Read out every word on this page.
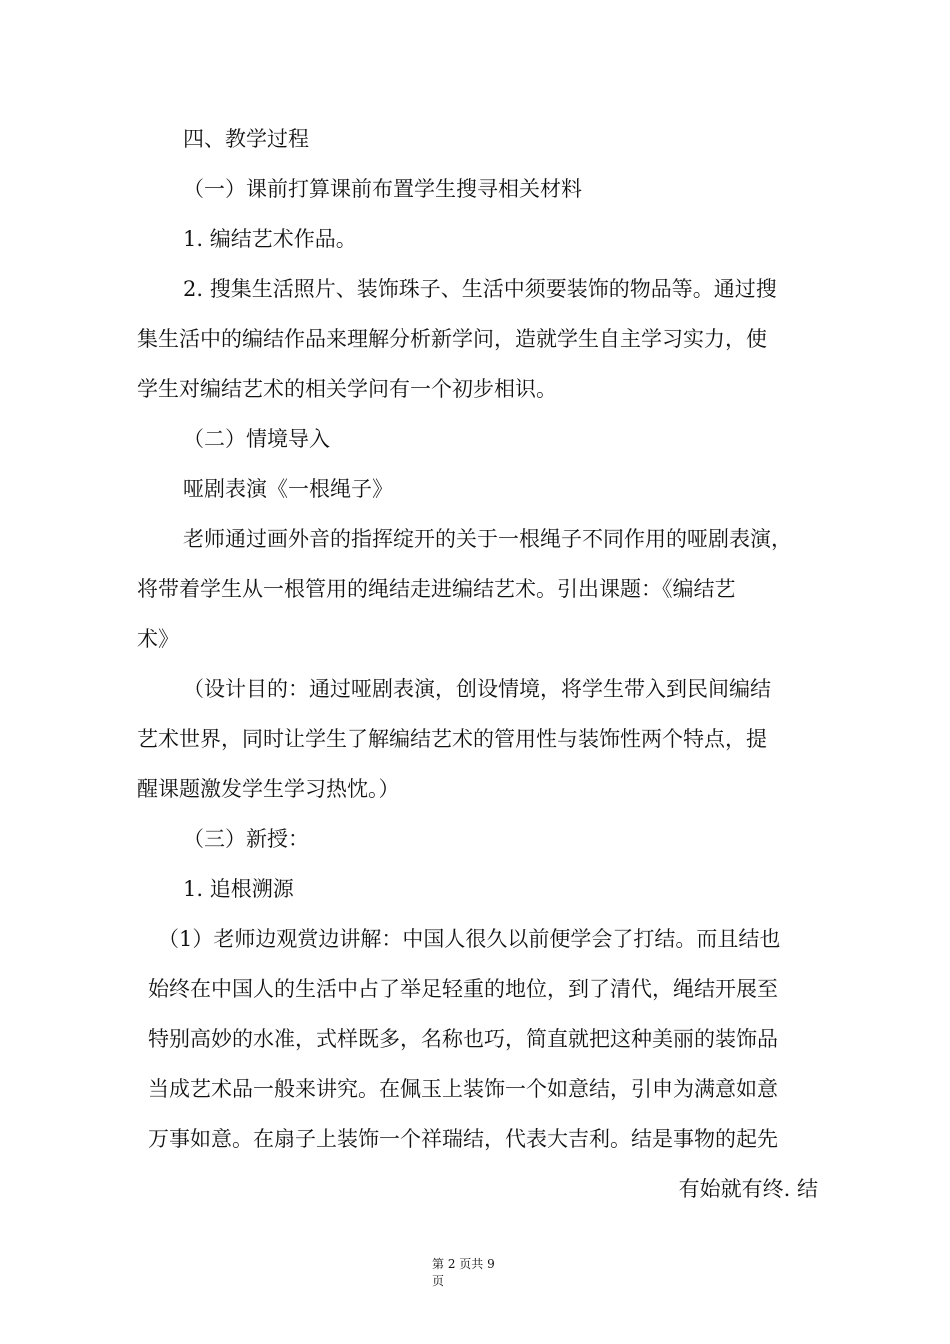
四、教学过程

（一）课前打算课前布置学生搜寻相关材料

1. 编结艺术作品。

2. 搜集生活照片、装饰珠子、生活中须要装饰的物品等。通过搜

集生活中的编结作品来理解分析新学问，造就学生自主学习实力，使

学生对编结艺术的相关学问有一个初步相识。

（二）情境导入

哑剧表演《一根绳子》

老师通过画外音的指挥绽开的关于一根绳子不同作用的哑剧表演，

将带着学生从一根管用的绳结走进编结艺术。引出课题：《编结艺

术》

（设计目的：通过哑剧表演，创设情境，将学生带入到民间编结

艺术世界，同时让学生了解编结艺术的管用性与装饰性两个特点，提

醒课题激发学生学习热忱。）

（三）新授：

1. 追根溯源

（1）老师边观赏边讲解：中国人很久以前便学会了打结。而且结也

始终在中国人的生活中占了举足轻重的地位，到了清代，绳结开展至

特别高妙的水准，式样既多，名称也巧，简直就把这种美丽的装饰品

当成艺术品一般来讲究。在佩玉上装饰一个如意结，引申为满意如意

万事如意。在扇子上装饰一个祥瑞结，代表大吉利。结是事物的起先

有始就有终. 结

第 2 页共 9

页
